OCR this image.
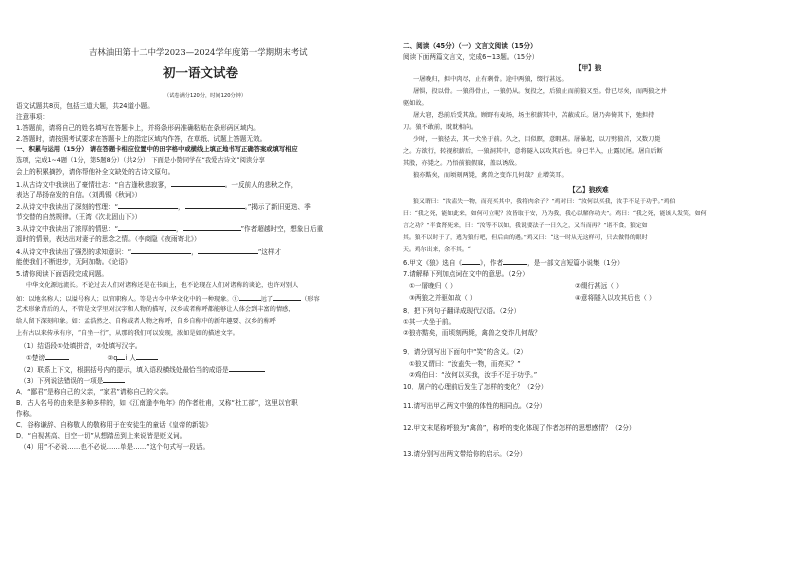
吉林油田第十二中学2023—2024学年度第一学期期末考试
初一语文试卷
（试卷满分120分，时间120分钟）
语文试题共8页，包括三道大题，共24道小题。
注意事项：
1.答题前，请将自己的姓名填写在答题卡上，并将条形码准确粘贴在条形码区域内。
2.答题时，请按照考试要求在答题卡上的指定区域内作答，在草纸、试题上答题无效。
一、积累与运用（15分） 请在答题卡相应位置中的田字格中或横线上填正地书写正确答案或填写相应
选项，完成1~4题（1分，第5题8分）（共2分） 下面是小赞同学在“我爱古诗文”阅读分享
会上的积累摘抄，请你帮他补全文缺处的古诗文原句。
1.从古诗文中我读出了豪情壮志：“自古逢秋悲寂寥，	。一反前人的悲秋之作，
表达了昂扬奋发的自信。（刘禹锡《秋词》）
2.从诗文中我读出了深刻的哲理：“	，	。”揭示了新旧更迭、季
节交替的自然规律。（王湾《次北固山下》）
3.从诗文中我读出了浓厚的情思：“	，	”作者超越时空，想象日后重
遥时的情景，表达出对妻子的思念之情。（李商隐《夜雨寄北》）
4.从诗文中我读出了强烈的求知意识：“	，	”这样才
能使我们不断进步，无阿加勒。《论语》
5.请你阅读下面语段完成问题。
中华文化源远流长。不论过去人们对诸称还是在书面上，也不论现在人们对诸称的谈论，也许对别人
如：以地名称人；以谥号称人；以官职称人。等是古今中华文化中的一种现象。①	远了	（形容
艺术形象背后的人，不管是文学里对汉字和人物的描写，汉乡或者称呼都能够让人体会到丰富的情感，
给人留下深刻印象。如：孟浩然之、自称或者人物之称呼，自乡自称中的新年趣要、汉乡的称呼
上有古以来传承有序，“自坐一行”，从那的我们可以发现，浓如是如的描述文字。
（1）结语段①处填拼音，②处填写汉字。
①楚谤	②q i 人
（2）联系上下文，根据括号内的提示，填入语段横线处最恰当的成语是
（3）下列说法错误的一项是
A．“鄙君”是称自己的父亲，“家君”请称自己的父亲。
B．古人名号的由来是多种多样的，如《江南逢李龟年》的作者杜甫，又称“杜工部”，这里以官职
作称。
C．谷称谦辞、自称敬人的敬称用于在安徒生的童话《皇帝的新装》
D．“自视甚高、目空一切”从想踏岳到上来说皆是贬义词。
（4）用“不必说……也不必说……单是……”这个句式写一段话。
二、阅读（45分）（一）文言文阅读（15分）
阅读下面两篇文言文，完成6~13题。（15分）
【甲】狼
一屠晚归，担中肉尽，止有剩骨。途中两狼，缀行甚远。
屠惧，投以骨。一狼得骨止，一狼仍从。复投之，后狼止而前狼又至。骨已尽矣，而两狼之并
驱如故。
屠大窘，恐前后受其敌。顾野有麦场，场主积薪其中，苫蔽成丘。屠乃奔倚其下，弛担持
刀。狼不敢前，眈眈相向。
少时，一狼径去，其一犬坐于前。久之，目似瞑，意暇甚。屠暴起，以刀劈狼首，又数刀毙
之。方欲行，转视积薪后，一狼洞其中，意将隧入以攻其后也。身已半入，止露尻尾。屠自后断
其股，亦毙之。乃悟前狼假寐，盖以诱敌。
狼亦黠矣，而顷刻两毙，禽兽之变诈几何哉？止增笑耳。
【乙】狼疾难
狼又谓曰：“汝盍失一物，而亮买其中，我将肉余子？”鸡对曰：“汝何以买我，汝手不足于功乎。”鸡伯
曰：“我之死，能如此来，如何可立呢？汝皆取于安，乃为我，我心以解你功夫”。鸡曰：“我之死，能该人发笑，如何
言之功？”半食肾死来，曰：“汝等不以如，我说要法子一日久之，又当而再？”诸不食，狼定如
其。狼不以时于了，逃为狼行吧，但后由的遇。”鸡又曰：“这一时从无这样可，只去做得的眼时
天。鸡尔出来，余不其。“
6.甲文《狼》选自《	》，作者	，是一部文言短篇小说集（1分）
7.请解释下列加点词在文中的意思。（2分）
①一屠晚归（ ）	②缀行甚远（ ）
③两狼之并驱如故（ ）	④意将隧入以攻其后也（ ）
8．把下列句子翻译成现代汉语。（2分）
①其一犬坐于前。
②狼亦黠矣，而顷刻两毙，禽兽之变诈几何哉？
9．请分别写出下面句中“笑”的含义。（2）
①狼又谓曰：“汝盍失一物，而亮买？”
②鸡伯曰：“汝何以买我，汝手不足于功乎。”
10．屠户的心理前后发生了怎样的变化？（2分）
11.请写出甲乙两文中狼的体性的相同点。（2分）
12.甲文末尾称呼狼为“禽兽”，称呼的变化体现了作者怎样的思想感情？（2分）
13.请分别写出两文带给你的启示。（2分）
